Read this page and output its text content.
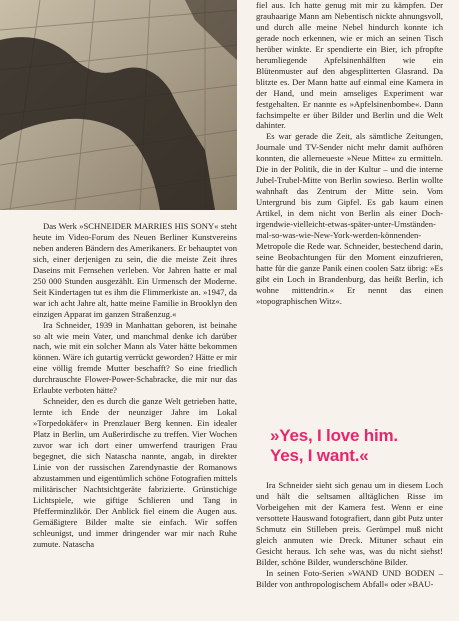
Das Werk »SCHNEIDER MARRIES HIS SONY« steht heute im Video-Forum des Neuen Berliner Kunstvereins neben anderen Bändern des Amerikaners. Er behauptet von sich, einer derjenigen zu sein, die die meiste Zeit ihres Daseins mit Fernsehen verleben. Vor Jahren hatte er mal 250 000 Stunden ausgezählt. Ein Urmensch der Moderne. Seit Kindertagen tut es ihm die Flimmerkiste an. »1947, da war ich acht Jahre alt, hatte meine Familie in Brooklyn den einzigen Apparat im ganzen Straßenzug.«

Ira Schneider, 1939 in Manhattan geboren, ist beinahe so alt wie mein Vater, und manchmal denke ich darüber nach, wie mit ein solcher Mann als Vater hätte bekommen können. Wäre ich gutartig verrückt geworden? Hätte er mir eine völlig fremde Mutter beschafft? So eine friedlich durchrauschte Flower-Power-Schabracke, die mir nur das Erlaubte verboten hätte?

Schneider, den es durch die ganze Welt getrieben hatte, lernte ich Ende der neunziger Jahre im Lokal »Torpedokäfer« in Prenzlauer Berg kennen. Ein idealer Platz in Berlin, um Außerirdische zu treffen. Vier Wochen zuvor war ich dort einer umwerfend traurigen Frau begegnet, die sich Natascha nannte, angab, in direkter Linie von der russischen Zarendynastie der Romanows abzustammen und eigentümlich schöne Fotografien mittels militärischer Nachtsichtgeräte fabrizierte. Grünstichige Lichtspiele, wie giftige Schlieren und Tang in Pfefferminzlikör. Der Anblick fiel einem die Augen aus. Gemäßigtere Bilder malte sie einfach. Wir soffen schleunigst, und immer dringender war mir nach Ruhe zumute. Natascha

fiel aus. Ich hatte genug mit mir zu kämpfen. Der grauhaarige Mann am Nebentisch nickte ahnungsvoll, und durch alle meine Nebel hindurch konnte ich gerade noch erkennen, wie er mich an seinen Tisch herüber winkte. Er spendierte ein Bier, ich pfropfte herumliegende Apfelsinenhälften wie ein Blütenmuster auf den abgesplitterten Glasrand. Da blitzte es. Der Mann hatte auf einmal eine Kamera in der Hand, und mein amseliges Experiment war festgehalten. Er nannte es »Apfelsinenbombe«. Dann fachsimpelte er über Bilder und Berlin und die Welt dahinter.

Es war gerade die Zeit, als sämtliche Zeitungen, Journale und TV-Sender nicht mehr damit aufhören konnten, die allerneueste »Neue Mitte« zu ermitteln. Die in der Politik, die in der Kultur – und die interne Jubel-Trubel-Mitte von Berlin sowieso. Berlin wollte wahnhaft das Zentrum der Mitte sein. Vom Untergrund bis zum Gipfel. Es gab kaum einen Artikel, in dem nicht von Berlin als einer Doch-irgendwie-vielleicht-etwas-später-unter-Umständen-mal-so-was-wie-New-York-werden-könnenden-Metropole die Rede war. Schneider, bestechend darin, seine Beobachtungen für den Moment einzufrieren, hatte für die ganze Panik einen coolen Satz übrig: »Es gibt ein Loch in Brandenburg, das heißt Berlin, ich wohne mittendrin.« Er nennt das einen »topographischen Witz«.

»Yes, I love him.
Yes, I want.«

Ira Schneider sieht sich genau um in diesem Loch und hält die seltsamen alltäglichen Risse im Vorbeigehen mit der Kamera fest. Wenn er eine versottete Hauswand fotografiert, dann gibt Putz unter Schmutz ein Stilleben preis. Gerümpel muß nicht gleich anmuten wie Dreck. Mituner schaut ein Gesicht heraus. Ich sehe was, was du nicht siehst! Bilder, schöne Bilder, wunderschöne Bilder.

In seinen Foto-Serien »WAND UND BODEN – Bilder von anthropologischem Abfall« oder »BAU-
